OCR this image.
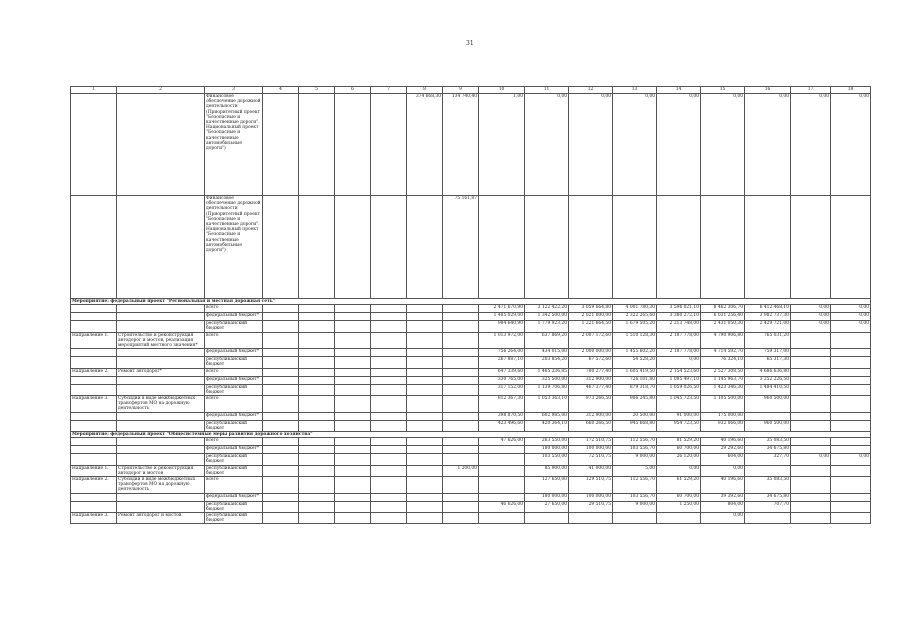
31
1	2	3	4	5	6	7	8	9	10	11	12	13	14	15	16	17	18
		Финансовое обеспечение дорожной деятельности (Приоритетный проект "Безопасные и качественные дороги". Национальный проект "Безопасные и качественные автомобильные дороги")					374 668,30	134 740,40	1,00	0,00	0,00	0,00	0,00	0,00	0,00	0,00	0,00
		Финансовое обеспечение дорожной деятельности (Приоритетный проект "Безопасные и качественные дороги". Национальный проект "Безопасные и качественные автомобильные дороги")						75 161,87									
Мероприятие: федеральный проект "Региональная и местная дорожная сеть"																	
		всего							2 471 670,90	3 122 422,20	3 059 664,80	4 001 780,30	3 596 021,10	8 462 306,70	6 412 468,10	0,00	0,00
		федеральный бюджет*							1 485 029,00	1 342 500,00	2 021 000,00	2 322 265,60	3 380 272,10	6 031 256,40	3 982 737,30	0,00	0,00
		республиканский бюджет							984 640,90	1 779 923,20	1 221 664,50	1 679 505,20	2 213 748,00	2 431 050,30	2 429 721,00	0,00	0,00
Направление 1.	Строительство и реконструкция автодорог и мостов, реализация мероприятий местного значения*	всего							1 013 972,00	637 869,20	2 007 172,60	1 510 128,30	2 187 778,00	4 790 906,80	765 031,20		
		федеральный бюджет*							756 264,00	434 015,00	2 000 000,00	1 455 602,20	2 187 778,00	4 714 592,70	759 317,00		
		республиканский бюджет							267 887,10	203 854,20	67 572,60	54 528,20	0,00	76 324,10	65 317,30		
Направление 2.	Ремонт автодорог*	всего							647 339,60	1 465 336,85	780 277,40	1 605 419,50	2 154 523,60	2 527 308,50	4 686 636,80		
		федеральный бюджет*							330 765,00	325 500,00	312 900,00	726 101,80	1 095 497,10	1 145 963,70	3 252 226,50		
		республиканский бюджет							317 152,00	1 139 706,80	467 377,40	879 318,70	1 059 026,50	1 423 346,30	1 484 410,50		
Направление 3.	Субсидии в виде межбюджетных трансфертов МО на дорожную деятельность	всего							812 367,30	1 053 363,10	973 266,50	906 245,80	1 045 723,50	1 105 500,00	960 500,00		
		федеральный бюджет*							398 870,50	602 985,00	312 900,00	20 500,00	91 000,00	175 000,00			
		республиканский бюджет							423 496,60	420 364,10	660 266,50	945 668,80	954 723,50	932 066,00	960 500,00		
Мероприятие: федеральный проект "Общесистемные меры развития дорожного хозяйства"																	
		всего							47 626,00	263 550,00	172 510,75	112 556,70	81 529,20	40 196,60	35 083,50		
		федеральный бюджет*								180 000,00	100 000,00	103 556,70	60 700,00	29 292,60	34 675,80		
		республиканский бюджет								103 550,00	72 510,75	9 000,00	26 120,00	604,00	327,70	0,00	0,00
Направление 1.	Строительство и реконструкция автодорог и мостов	республиканский бюджет						1 200,00		85 900,00	41 000,00	5,00	0,00	0,00			
Направление 2.	Субсидии в виде межбюджетных трансфертов МО на дорожную деятельность	всего								127 650,00	129 510,75	112 556,70	61 529,20	40 196,60	35 083,50		
		федеральный бюджет*								180 000,00	100 000,00	103 556,70	60 700,00	39 392,60	34 675,80		
		республиканский бюджет							46 626,00	27 650,00	29 510,75	9 000,00	1 250,00	804,00	707,70		
Направление 3.	Ремонт автодорог и мостов	республиканский бюджет												0,00			
